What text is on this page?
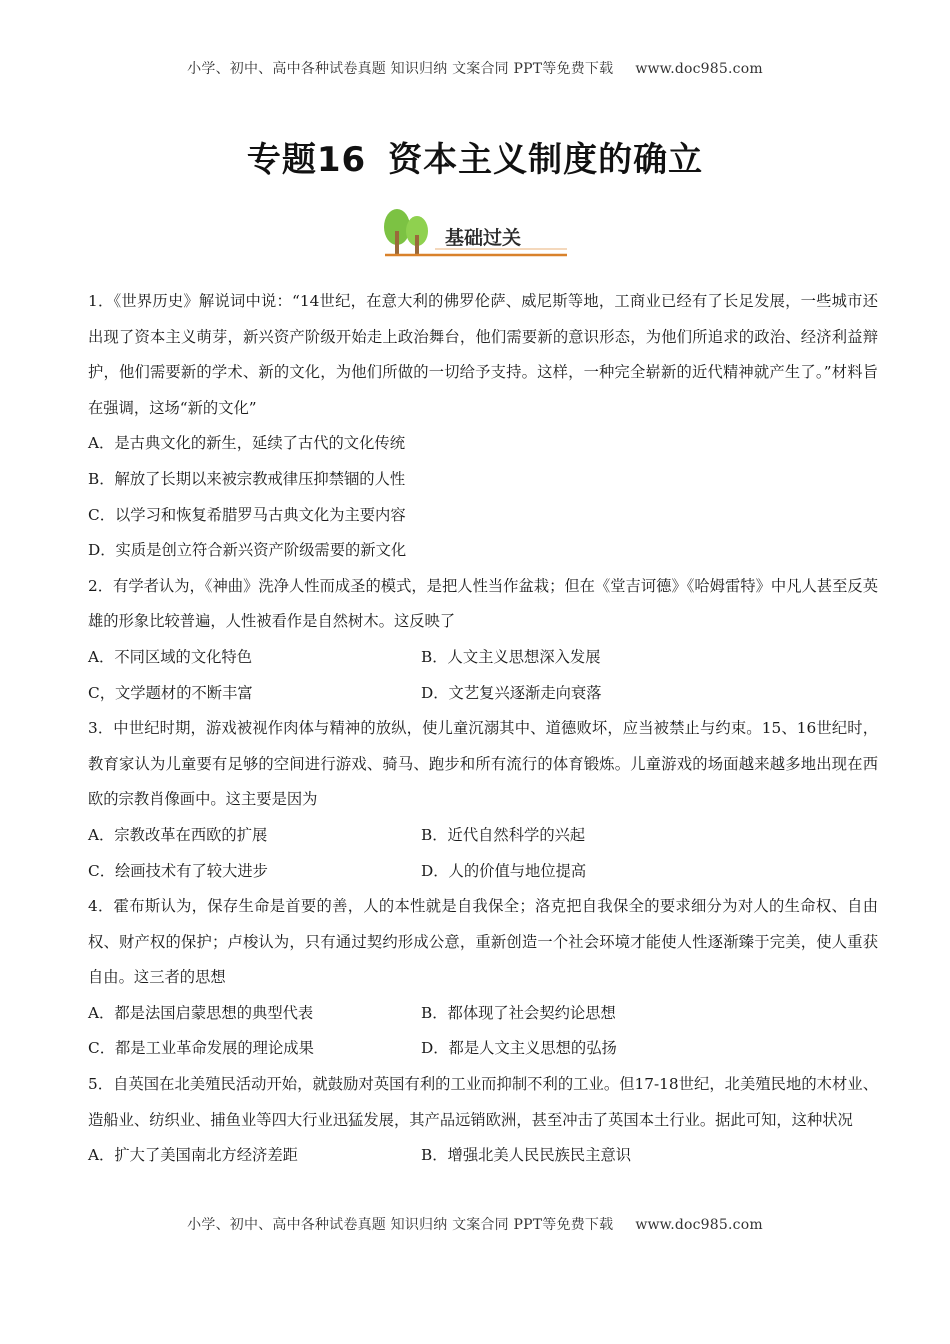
小学、初中、高中各种试卷真题 知识归纳 文案合同 PPT等免费下载 www.doc985.com
专题16 资本主义制度的确立
基础过关

1．《世界历史》解说词中说：“14世纪，在意大利的佛罗伦萨、威尼斯等地，工商业已经有了长足发展，一些城市还出现了资本主义萌芽，新兴资产阶级开始走上政治舞台，他们需要新的意识形态，为他们所追求的政治、经济利益辩护，他们需要新的学术、新的文化，为他们所做的一切给予支持。这样，一种完全崭新的近代精神就产生了。”材料旨在强调，这场“新的文化”

A．是古典文化的新生，延续了古代的文化传统
B．解放了长期以来被宗教戒律压抑禁锢的人性
C．以学习和恢复希腊罗马古典文化为主要内容
D．实质是创立符合新兴资产阶级需要的新文化

2．有学者认为，《神曲》洗净人性而成圣的模式，是把人性当作盆栽；但在《堂吉诃德》《哈姆雷特》中凡人甚至反英雄的形象比较普遍，人性被看作是自然树木。这反映了

A．不同区域的文化特色	B．人文主义思想深入发展
C，文学题材的不断丰富	D．文艺复兴逐渐走向衰落

3．中世纪时期，游戏被视作肉体与精神的放纵，使儿童沉溺其中、道德败坏，应当被禁止与约束。15、16世纪时，教育家认为儿童要有足够的空间进行游戏、骑马、跑步和所有流行的体育锻炼。儿童游戏的场面越来越多地出现在西欧的宗教肖像画中。这主要是因为

A．宗教改革在西欧的扩展	B．近代自然科学的兴起
C．绘画技术有了较大进步	D．人的价值与地位提高

4．霍布斯认为，保存生命是首要的善，人的本性就是自我保全；洛克把自我保全的要求细分为对人的生命权、自由权、财产权的保护；卢梭认为，只有通过契约形成公意，重新创造一个社会环境才能使人性逐渐臻于完美，使人重获自由。这三者的思想

A．都是法国启蒙思想的典型代表	B．都体现了社会契约论思想
C．都是工业革命发展的理论成果	D．都是人文主义思想的弘扬

5．自英国在北美殖民活动开始，就鼓励对英国有利的工业而抑制不利的工业。但17-18世纪，北美殖民地的木材业、造船业、纺织业、捕鱼业等四大行业迅猛发展，其产品远销欧洲，甚至冲击了英国本土行业。据此可知，这种状况

A．扩大了美国南北方经济差距	B．增强北美人民民族民主意识
小学、初中、高中各种试卷真题 知识归纳 文案合同 PPT等免费下载 www.doc985.com
